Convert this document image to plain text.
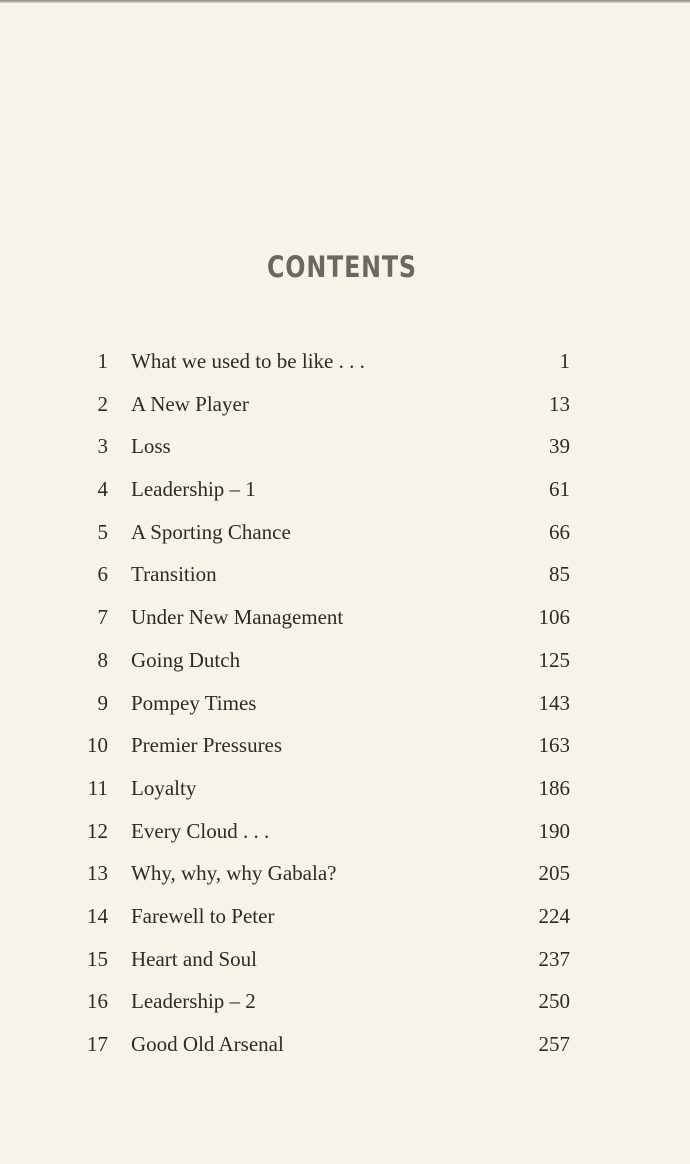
CONTENTS
1 What we used to be like . . .	1
2 A New Player	13
3 Loss	39
4 Leadership – 1	61
5 A Sporting Chance	66
6 Transition	85
7 Under New Management	106
8 Going Dutch	125
9 Pompey Times	143
10 Premier Pressures	163
11 Loyalty	186
12 Every Cloud . . .	190
13 Why, why, why Gabala?	205
14 Farewell to Peter	224
15 Heart and Soul	237
16 Leadership – 2	250
17 Good Old Arsenal	257
